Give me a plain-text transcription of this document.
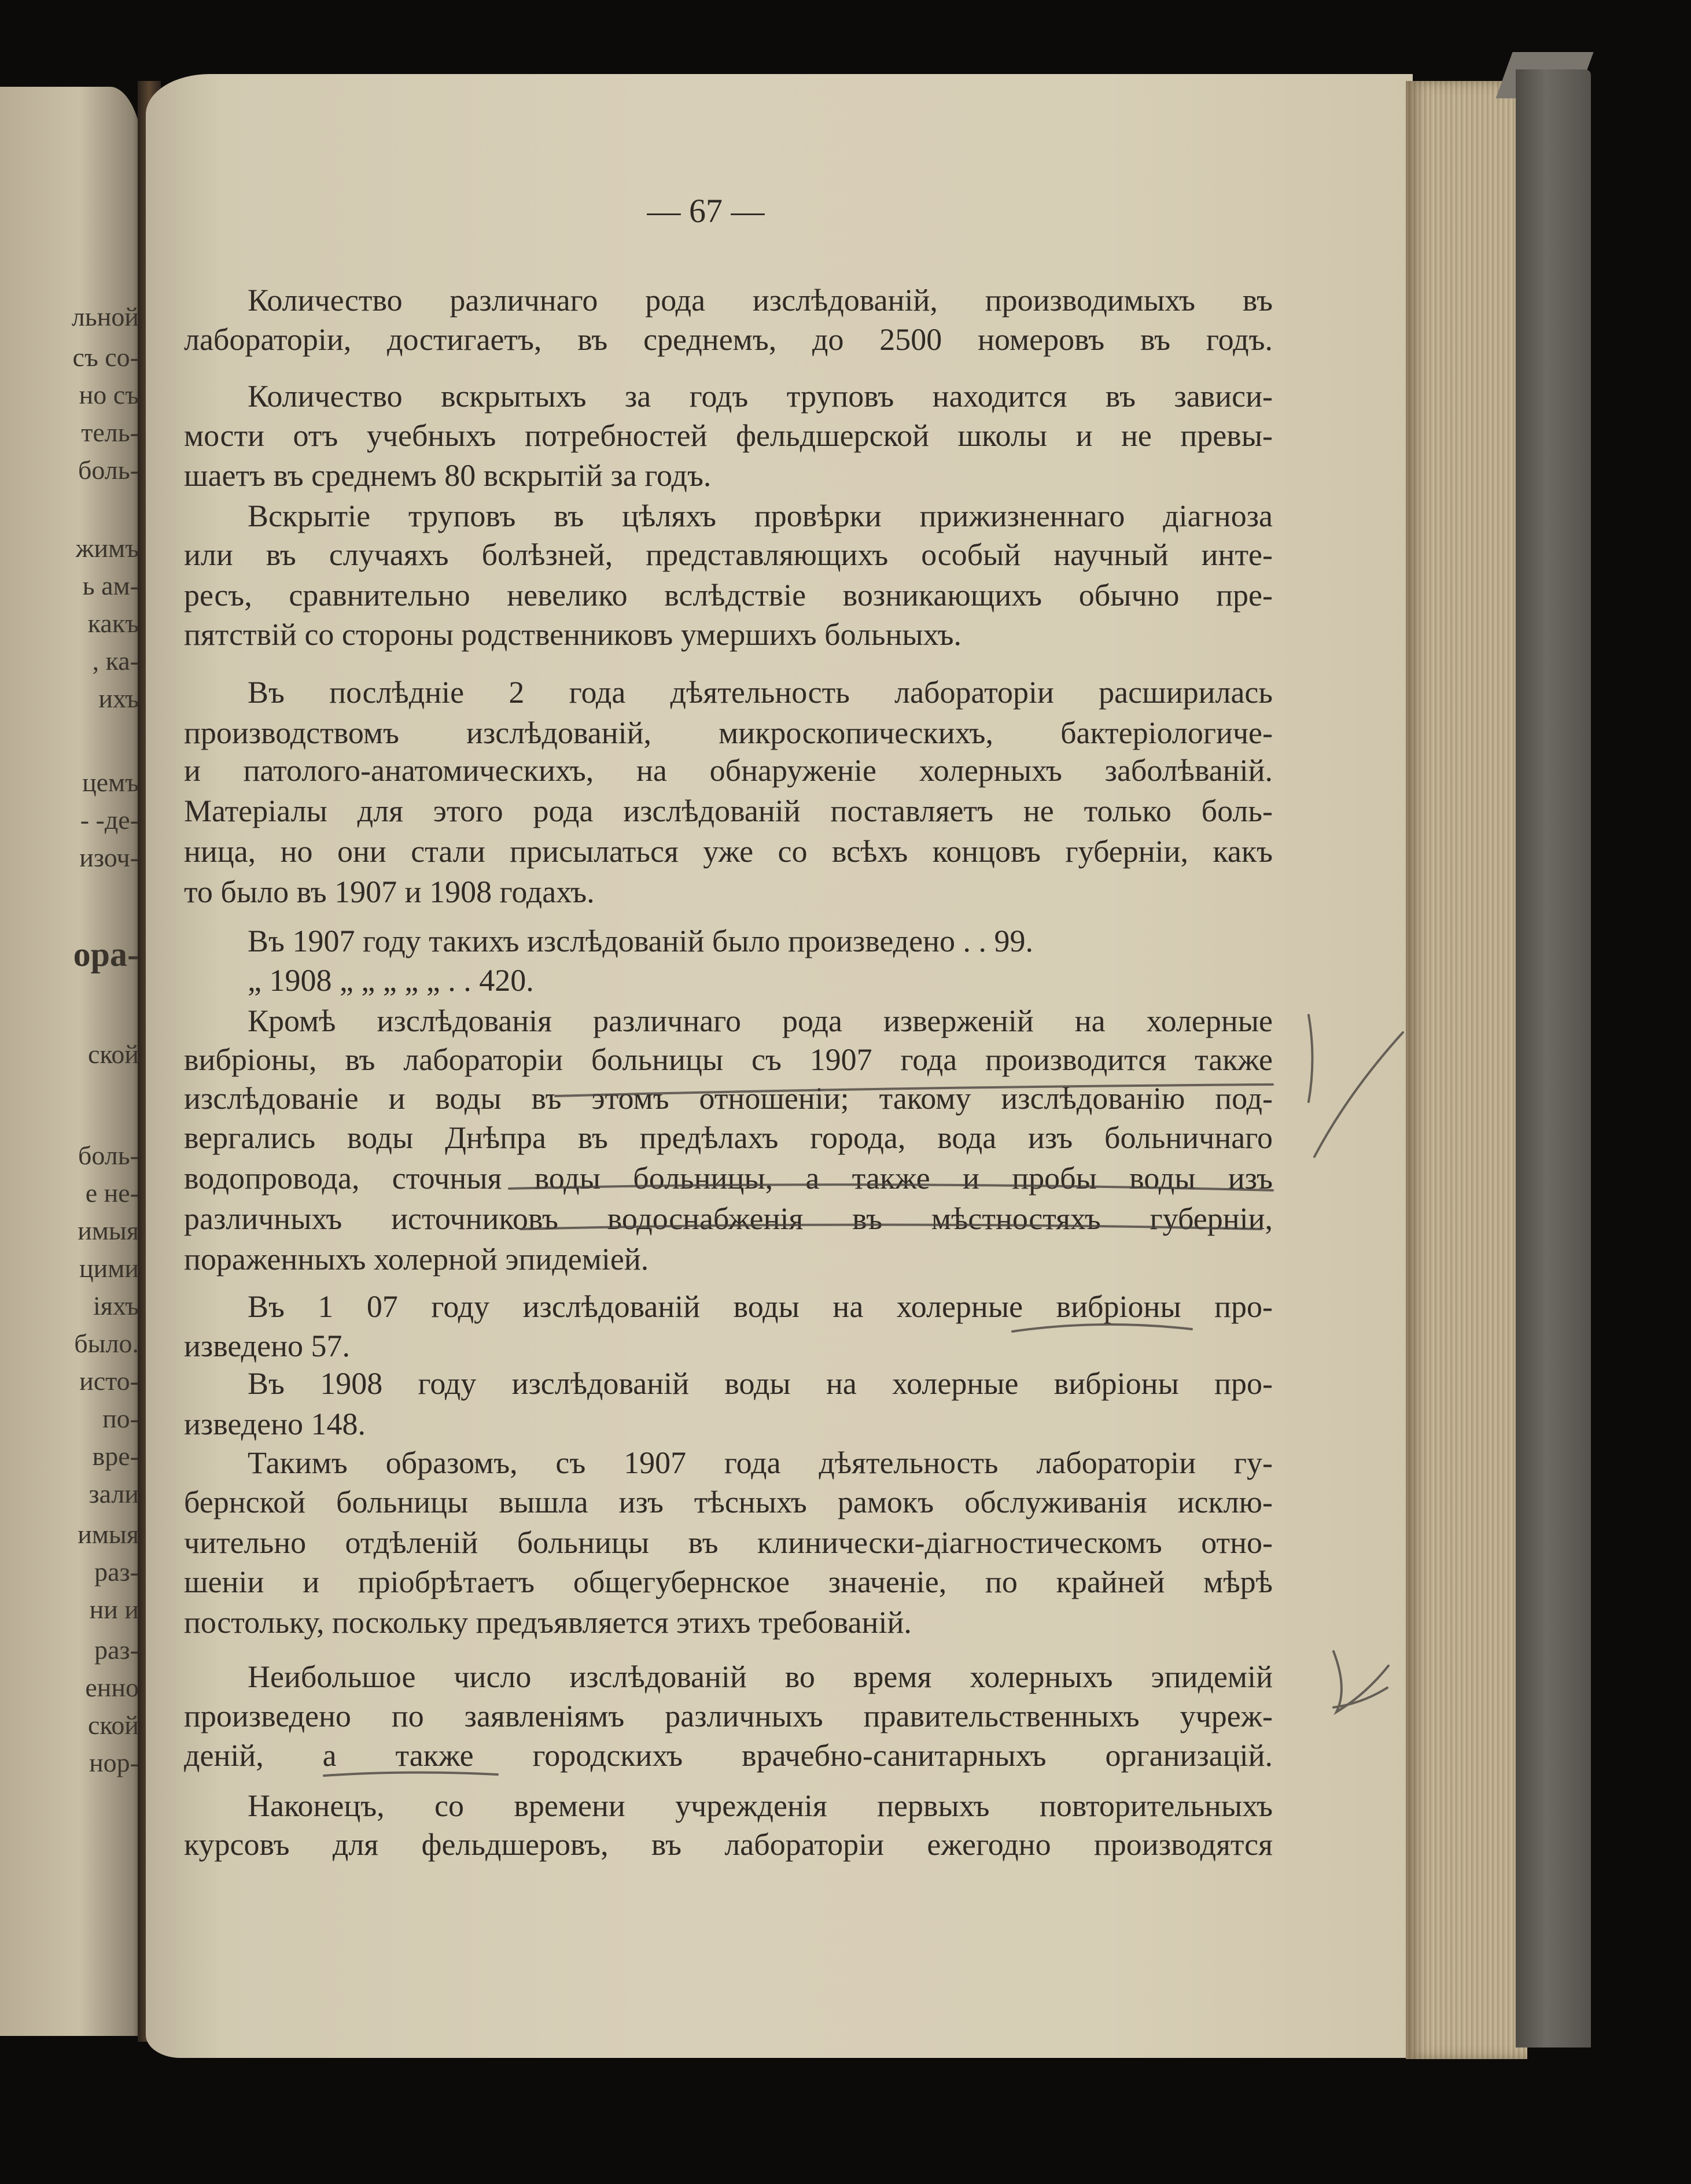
льной
съ со-
но съ
тель-
боль-
жимъ
ь ам-
какъ
, ка-
ихъ
цемъ
- -де-
изоч-
ора-
ской
боль-
е не-
имыя
цими
іяхъ
было.
исто-
по-
вре-
зали
имыя
раз-
ни и
раз-
енно
ской
нор-
— 67 —
Количество различнаго рода изслѣдованій, производимыхъ въ
лабораторіи, достигаетъ, въ среднемъ, до 2500 номеровъ въ годъ.
Количество вскрытыхъ за годъ труповъ находится въ зависи-
мости отъ учебныхъ потребностей фельдшерской школы и не превы-
шаетъ въ среднемъ 80 вскрытій за годъ.
Вскрытіе труповъ въ цѣляхъ провѣрки прижизненнаго діагноза
или въ случаяхъ болѣзней, представляющихъ особый научный инте-
ресъ, сравнительно невелико вслѣдствіе возникающихъ обычно пре-
пятствій со стороны родственниковъ умершихъ больныхъ.
Въ послѣдніе 2 года дѣятельность лабораторіи расширилась
производствомъ изслѣдованій, микроскопическихъ, бактеріологиче-
и патолого-анатомическихъ, на обнаруженіе холерныхъ заболѣваній.
Матеріалы для этого рода изслѣдованій поставляетъ не только боль-
ница, но они стали присылаться уже со всѣхъ концовъ губерніи, какъ
то было въ 1907 и 1908 годахъ.
Въ 1907 году такихъ изслѣдованій было произведено . . 99.
„ 1908 „ „ „ „ „ . . 420.
Кромѣ изслѣдованія различнаго рода изверженій на холерные
вибріоны, въ лабораторіи больницы съ 1907 года производится также
изслѣдованіе и воды въ этомъ отношеніи; такому изслѣдованію под-
вергались воды Днѣпра въ предѣлахъ города, вода изъ больничнаго
водопровода, сточныя воды больницы, а также и пробы воды изъ
различныхъ источниковъ водоснабженія въ мѣстностяхъ губерніи,
пораженныхъ холерной эпидеміей.
Въ 1 07 году изслѣдованій воды на холерные вибріоны про-
изведено 57.
Въ 1908 году изслѣдованій воды на холерные вибріоны про-
изведено 148.
Такимъ образомъ, съ 1907 года дѣятельность лабораторіи гу-
бернской больницы вышла изъ тѣсныхъ рамокъ обслуживанія исклю-
чительно отдѣленій больницы въ клинически-діагностическомъ отно-
шеніи и пріобрѣтаетъ общегубернское значеніе, по крайней мѣрѣ
постольку, поскольку предъявляется этихъ требованій.
Неибольшое число изслѣдованій во время холерныхъ эпидемій
произведено по заявленіямъ различныхъ правительственныхъ учреж-
деній, а также городскихъ врачебно-санитарныхъ организацій.
Наконецъ, со времени учрежденія первыхъ повторительныхъ
курсовъ для фельдшеровъ, въ лабораторіи ежегодно производятся
